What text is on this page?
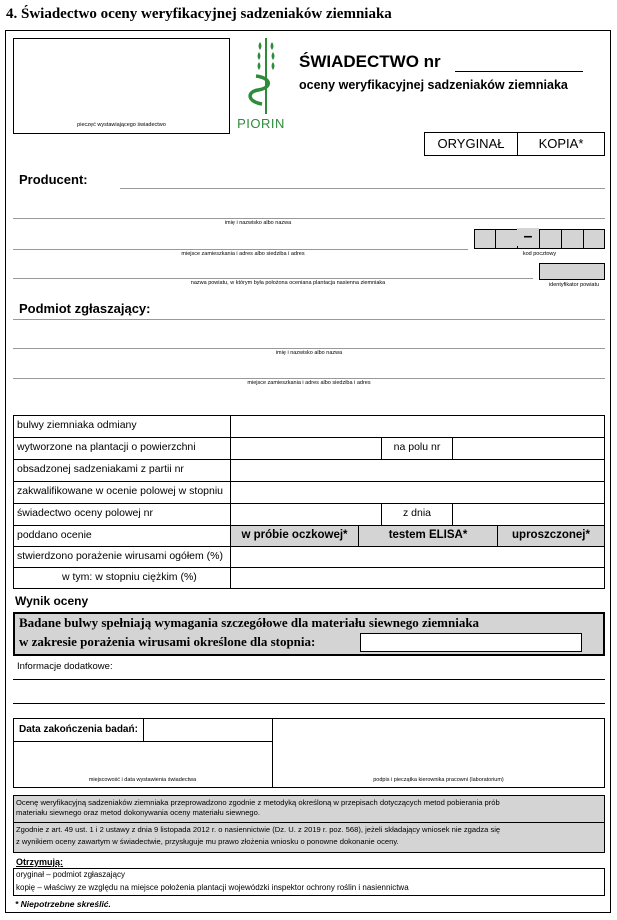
4. Świadectwo oceny weryfikacyjnej sadzeniaków ziemniaka
pieczęć wystawiającego świadectwo	PIORIN
ŚWIADECTWO nr
oceny weryfikacyjnej sadzeniaków ziemniaka
ORYGINAŁ	KOPIA*
Producent:
imię i nazwisko albo nazwa
miejsce zamieszkania i adres albo siedziba i adres
–
kod pocztowy
nazwa powiatu, w którym była położona oceniana plantacja nasienna ziemniaka	identyfikator powiatu
Podmiot zgłaszający:
imię i nazwisko albo nazwa
miejsce zamieszkania i adres albo siedziba i adres
bulwy ziemniaka odmiany
wytworzone na plantacji o powierzchni	na polu nr
obsadzonej sadzeniakami z partii nr
zakwalifikowane w ocenie polowej w stopniu
świadectwo oceny polowej nr	z dnia
poddano ocenie	w próbie oczkowej*	testem ELISA*	uproszczonej*
stwierdzono porażenie wirusami ogółem (%)
w tym: w stopniu ciężkim (%)
Wynik oceny
Badane bulwy spełniają wymagania szczegółowe dla materiału siewnego ziemniaka
w zakresie porażenia wirusami określone dla stopnia:
Informacje dodatkowe:
Data zakończenia badań:
miejscowość i data wystawienia świadectwa	podpis i pieczątka kierownika pracowni (laboratorium)
Ocenę weryfikacyjną sadzeniaków ziemniaka przeprowadzono zgodnie z metodyką określoną w przepisach dotyczących metod pobierania prób
materiału siewnego oraz metod dokonywania oceny materiału siewnego.
Zgodnie z art. 49 ust. 1 i 2 ustawy z dnia 9 listopada 2012 r. o nasiennictwie (Dz. U. z 2019 r. poz. 568), jeżeli składający wniosek nie zgadza się
z wynikiem oceny zawartym w świadectwie, przysługuje mu prawo złożenia wniosku o ponowne dokonanie oceny.
Otrzymują:
oryginał – podmiot zgłaszający
kopię – właściwy ze względu na miejsce położenia plantacji wojewódzki inspektor ochrony roślin i nasiennictwa
* Niepotrzebne skreślić.
